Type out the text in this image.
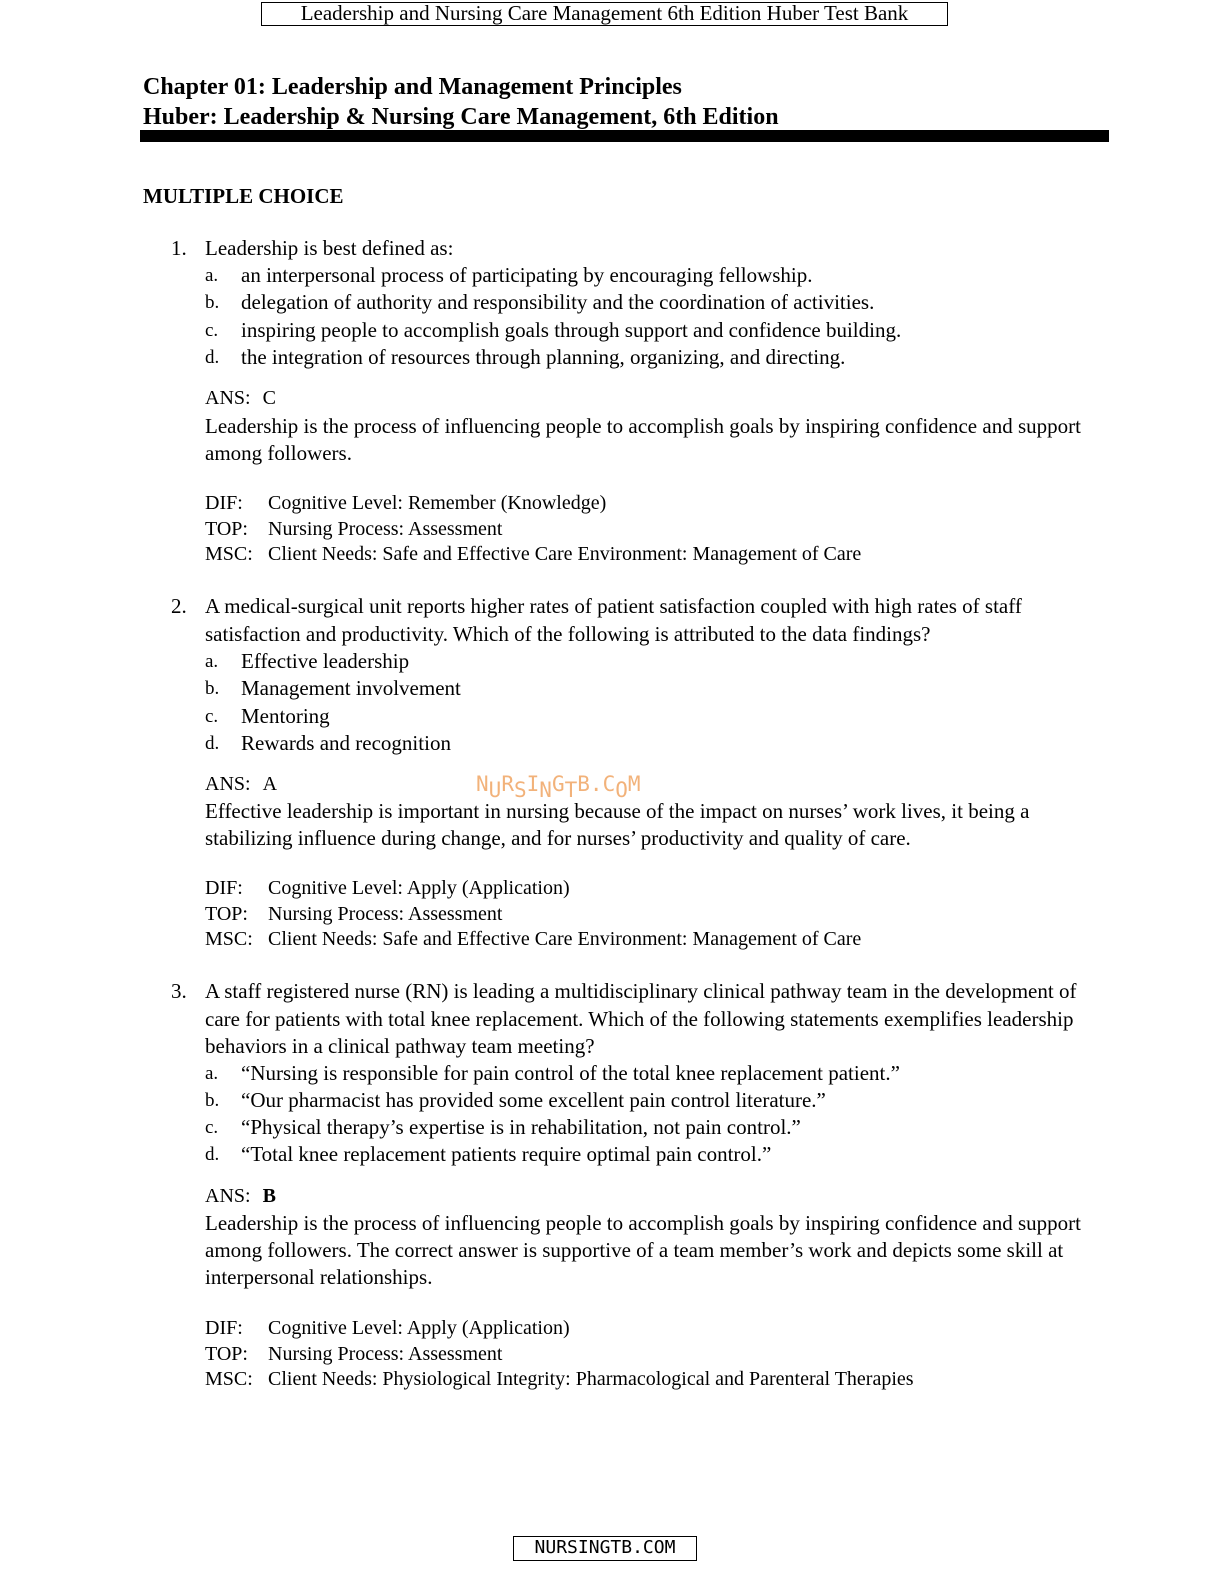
Leadership and Nursing Care Management 6th Edition Huber Test Bank
Chapter 01: Leadership and Management Principles
Huber: Leadership & Nursing Care Management, 6th Edition
MULTIPLE CHOICE
1. Leadership is best defined as:
a. an interpersonal process of participating by encouraging fellowship.
b. delegation of authority and responsibility and the coordination of activities.
c. inspiring people to accomplish goals through support and confidence building.
d. the integration of resources through planning, organizing, and directing.
ANS: C
Leadership is the process of influencing people to accomplish goals by inspiring confidence and support among followers.
DIF: Cognitive Level: Remember (Knowledge)
TOP: Nursing Process: Assessment
MSC: Client Needs: Safe and Effective Care Environment: Management of Care
2. A medical-surgical unit reports higher rates of patient satisfaction coupled with high rates of staff satisfaction and productivity. Which of the following is attributed to the data findings?
a. Effective leadership
b. Management involvement
c. Mentoring
d. Rewards and recognition
ANS: A
Effective leadership is important in nursing because of the impact on nurses’ work lives, it being a stabilizing influence during change, and for nurses’ productivity and quality of care.
DIF: Cognitive Level: Apply (Application)
TOP: Nursing Process: Assessment
MSC: Client Needs: Safe and Effective Care Environment: Management of Care
3. A staff registered nurse (RN) is leading a multidisciplinary clinical pathway team in the development of care for patients with total knee replacement. Which of the following statements exemplifies leadership behaviors in a clinical pathway team meeting?
a. “Nursing is responsible for pain control of the total knee replacement patient.”
b. “Our pharmacist has provided some excellent pain control literature.”
c. “Physical therapy’s expertise is in rehabilitation, not pain control.”
d. “Total knee replacement patients require optimal pain control.”
ANS: B
Leadership is the process of influencing people to accomplish goals by inspiring confidence and support among followers. The correct answer is supportive of a team member’s work and depicts some skill at interpersonal relationships.
DIF: Cognitive Level: Apply (Application)
TOP: Nursing Process: Assessment
MSC: Client Needs: Physiological Integrity: Pharmacological and Parenteral Therapies
NURSINGTB.COM
NURSINGTB.COM
